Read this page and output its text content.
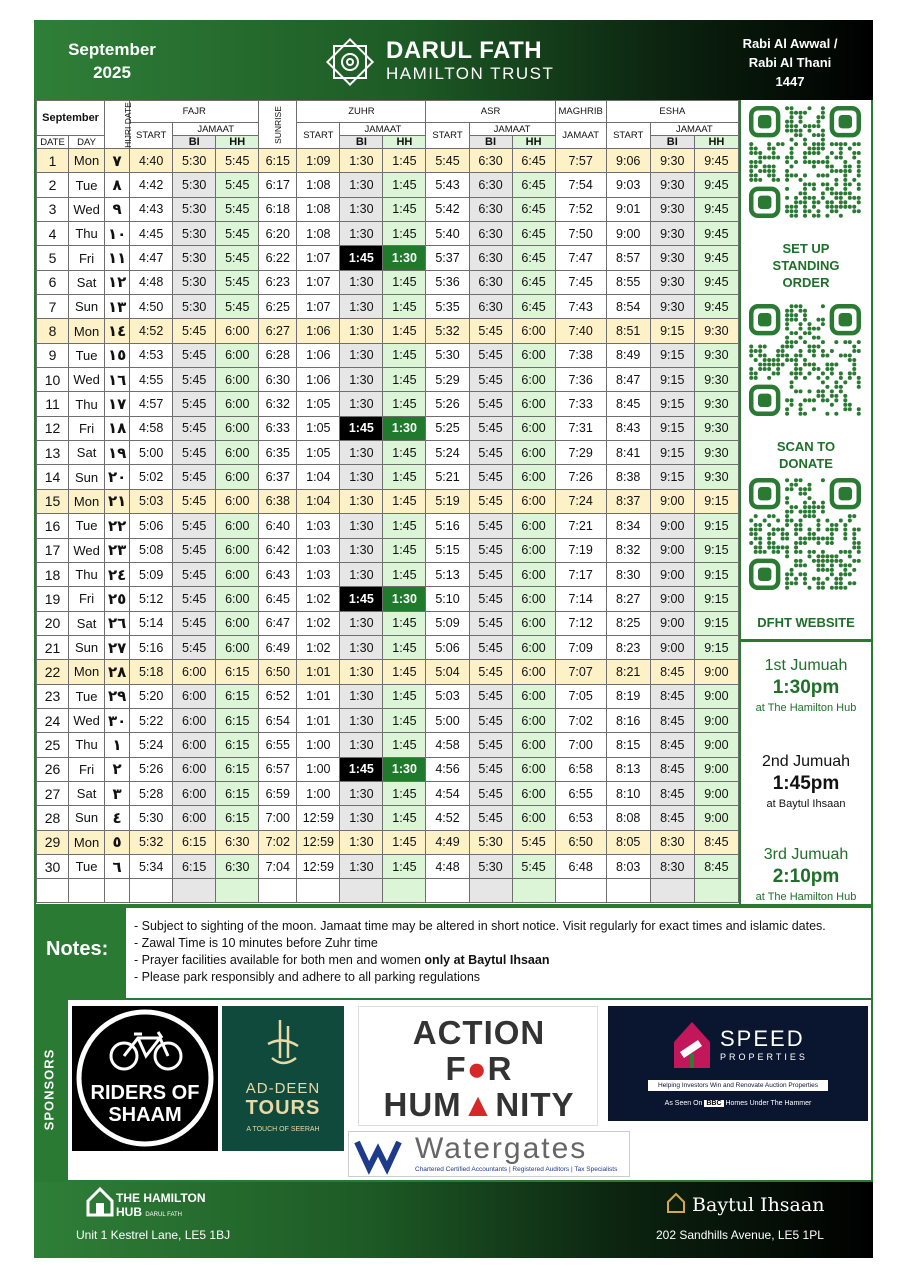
September
2025
DARUL FATH
HAMILTON TRUST
Rabi Al Awwal /
Rabi Al Thani
1447
September		HIJRI DATE	FAJR			SUNRISE	ZUHR			ASR			MAGHRIB	ESHA		
			START	JAMAAT			START	JAMAAT		START	JAMAAT		JAMAAT	START	JAMAAT	
DATE	DAY			BI	HH			BI	HH		BI	HH			BI	HH
1	Mon	٧	4:40	5:30	5:45	6:15	1:09	1:30	1:45	5:45	6:30	6:45	7:57	9:06	9:30	9:45
2	Tue	٨	4:42	5:30	5:45	6:17	1:08	1:30	1:45	5:43	6:30	6:45	7:54	9:03	9:30	9:45
3	Wed	٩	4:43	5:30	5:45	6:18	1:08	1:30	1:45	5:42	6:30	6:45	7:52	9:01	9:30	9:45
4	Thu	١٠	4:45	5:30	5:45	6:20	1:08	1:30	1:45	5:40	6:30	6:45	7:50	9:00	9:30	9:45
5	Fri	١١	4:47	5:30	5:45	6:22	1:07	1:45	1:30	5:37	6:30	6:45	7:47	8:57	9:30	9:45
6	Sat	١٢	4:48	5:30	5:45	6:23	1:07	1:30	1:45	5:36	6:30	6:45	7:45	8:55	9:30	9:45
7	Sun	١٣	4:50	5:30	5:45	6:25	1:07	1:30	1:45	5:35	6:30	6:45	7:43	8:54	9:30	9:45
8	Mon	١٤	4:52	5:45	6:00	6:27	1:06	1:30	1:45	5:32	5:45	6:00	7:40	8:51	9:15	9:30
9	Tue	١٥	4:53	5:45	6:00	6:28	1:06	1:30	1:45	5:30	5:45	6:00	7:38	8:49	9:15	9:30
10	Wed	١٦	4:55	5:45	6:00	6:30	1:06	1:30	1:45	5:29	5:45	6:00	7:36	8:47	9:15	9:30
11	Thu	١٧	4:57	5:45	6:00	6:32	1:05	1:30	1:45	5:26	5:45	6:00	7:33	8:45	9:15	9:30
12	Fri	١٨	4:58	5:45	6:00	6:33	1:05	1:45	1:30	5:25	5:45	6:00	7:31	8:43	9:15	9:30
13	Sat	١٩	5:00	5:45	6:00	6:35	1:05	1:30	1:45	5:24	5:45	6:00	7:29	8:41	9:15	9:30
14	Sun	٢٠	5:02	5:45	6:00	6:37	1:04	1:30	1:45	5:21	5:45	6:00	7:26	8:38	9:15	9:30
15	Mon	٢١	5:03	5:45	6:00	6:38	1:04	1:30	1:45	5:19	5:45	6:00	7:24	8:37	9:00	9:15
16	Tue	٢٢	5:06	5:45	6:00	6:40	1:03	1:30	1:45	5:16	5:45	6:00	7:21	8:34	9:00	9:15
17	Wed	٢٣	5:08	5:45	6:00	6:42	1:03	1:30	1:45	5:15	5:45	6:00	7:19	8:32	9:00	9:15
18	Thu	٢٤	5:09	5:45	6:00	6:43	1:03	1:30	1:45	5:13	5:45	6:00	7:17	8:30	9:00	9:15
19	Fri	٢٥	5:12	5:45	6:00	6:45	1:02	1:45	1:30	5:10	5:45	6:00	7:14	8:27	9:00	9:15
20	Sat	٢٦	5:14	5:45	6:00	6:47	1:02	1:30	1:45	5:09	5:45	6:00	7:12	8:25	9:00	9:15
21	Sun	٢٧	5:16	5:45	6:00	6:49	1:02	1:30	1:45	5:06	5:45	6:00	7:09	8:23	9:00	9:15
22	Mon	٢٨	5:18	6:00	6:15	6:50	1:01	1:30	1:45	5:04	5:45	6:00	7:07	8:21	8:45	9:00
23	Tue	٢٩	5:20	6:00	6:15	6:52	1:01	1:30	1:45	5:03	5:45	6:00	7:05	8:19	8:45	9:00
24	Wed	٣٠	5:22	6:00	6:15	6:54	1:01	1:30	1:45	5:00	5:45	6:00	7:02	8:16	8:45	9:00
25	Thu	١	5:24	6:00	6:15	6:55	1:00	1:30	1:45	4:58	5:45	6:00	7:00	8:15	8:45	9:00
26	Fri	٢	5:26	6:00	6:15	6:57	1:00	1:45	1:30	4:56	5:45	6:00	6:58	8:13	8:45	9:00
27	Sat	٣	5:28	6:00	6:15	6:59	1:00	1:30	1:45	4:54	5:45	6:00	6:55	8:10	8:45	9:00
28	Sun	٤	5:30	6:00	6:15	7:00	12:59	1:30	1:45	4:52	5:45	6:00	6:53	8:08	8:45	9:00
29	Mon	٥	5:32	6:15	6:30	7:02	12:59	1:30	1:45	4:49	5:30	5:45	6:50	8:05	8:30	8:45
30	Tue	٦	5:34	6:15	6:30	7:04	12:59	1:30	1:45	4:48	5:30	5:45	6:48	8:03	8:30	8:45

SET UP
STANDING
ORDER
SCAN TO
DONATE
DFHT WEBSITE
1st Jumuah
1:30pm
at The Hamilton Hub
2nd Jumuah
1:45pm
at Baytul Ihsaan
3rd Jumuah
2:10pm
at The Hamilton Hub
Notes:
- Subject to sighting of the moon. Jamaat time may be altered in short notice. Visit regularly for exact times and islamic dates.
- Zawal Time is 10 minutes before Zuhr time
- Prayer facilities available for both men and women only at Baytul Ihsaan
- Please park responsibly and adhere to all parking regulations
SPONSORS	RIDERS OF
SHAAM
AD-DEEN
TOURS
A TOUCH OF SEERAH
ACTION
F●R
HUM▲NITY
SPEED
PROPERTIES
Helping Investors Win and Renovate Auction Properties
As Seen On BBC Homes Under The Hammer
Watergates
Chartered Certified Accountants | Registered Auditors | Tax Specialists
THE HAMILTON
HUB DARUL FATH
Unit 1 Kestrel Lane, LE5 1BJ
Baytul Ihsaan
202 Sandhills Avenue, LE5 1PL
